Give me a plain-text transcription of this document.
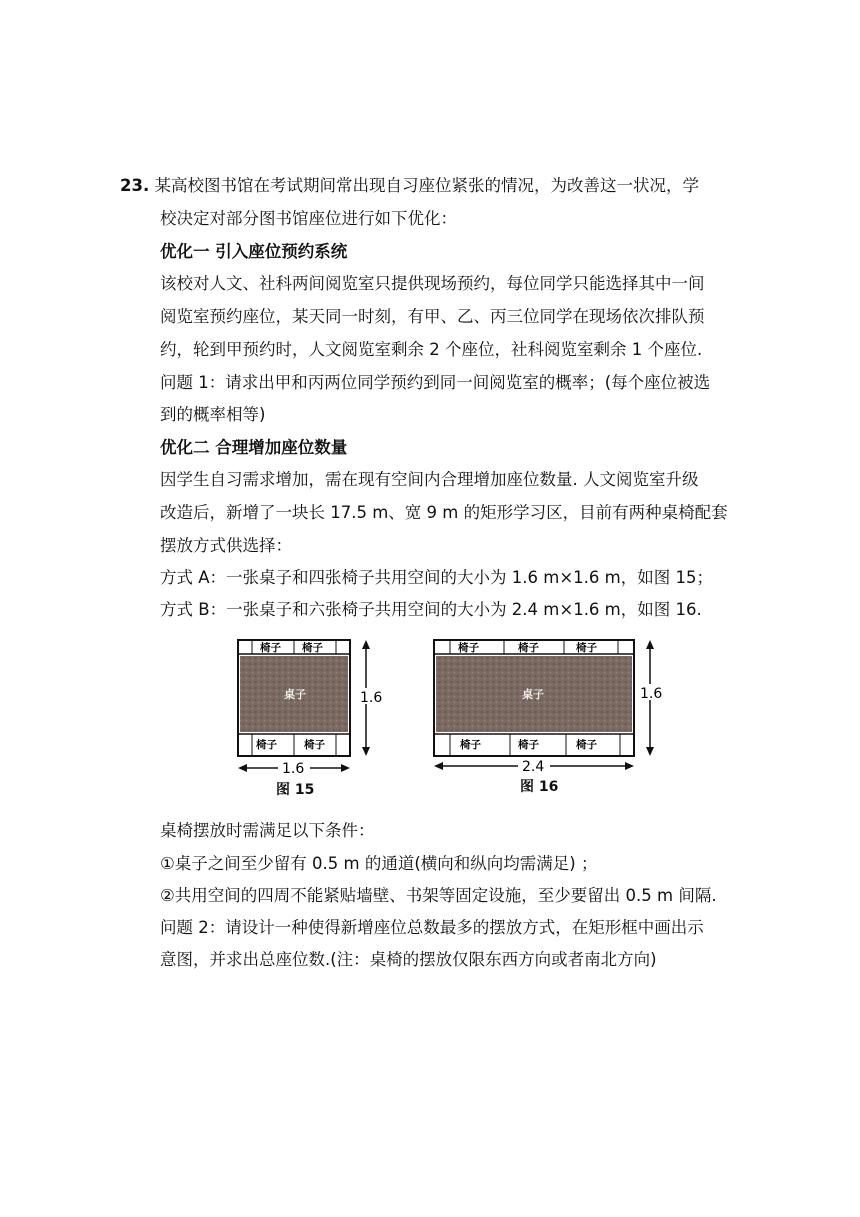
23. 某高校图书馆在考试期间常出现自习座位紧张的情况，为改善这一状况，学
校决定对部分图书馆座位进行如下优化：
优化一 引入座位预约系统
该校对人文、社科两间阅览室只提供现场预约，每位同学只能选择其中一间
阅览室预约座位，某天同一时刻，有甲、乙、丙三位同学在现场依次排队预
约，轮到甲预约时，人文阅览室剩余 2 个座位，社科阅览室剩余 1 个座位.
问题 1：请求出甲和丙两位同学预约到同一间阅览室的概率；(每个座位被选
到的概率相等)
优化二 合理增加座位数量
因学生自习需求增加，需在现有空间内合理增加座位数量. 人文阅览室升级
改造后，新增了一块长 17.5 m、宽 9 m 的矩形学习区，目前有两种桌椅配套
摆放方式供选择：
方式 A：一张桌子和四张椅子共用空间的大小为 1.6 m×1.6 m，如图 15；
方式 B：一张桌子和六张椅子共用空间的大小为 2.4 m×1.6 m，如图 16.
椅子 椅子
桌子
椅子	椅子
1.6
1.6
图 15
椅子	椅子	椅子
桌子
椅子	椅子	椅子
1.6
2.4
图 16
桌椅摆放时需满足以下条件：
①桌子之间至少留有 0.5 m 的通道(横向和纵向均需满足) ；
②共用空间的四周不能紧贴墙壁、书架等固定设施，至少要留出 0.5 m 间隔.
问题 2：请设计一种使得新增座位总数最多的摆放方式，在矩形框中画出示
意图，并求出总座位数.(注：桌椅的摆放仅限东西方向或者南北方向)
